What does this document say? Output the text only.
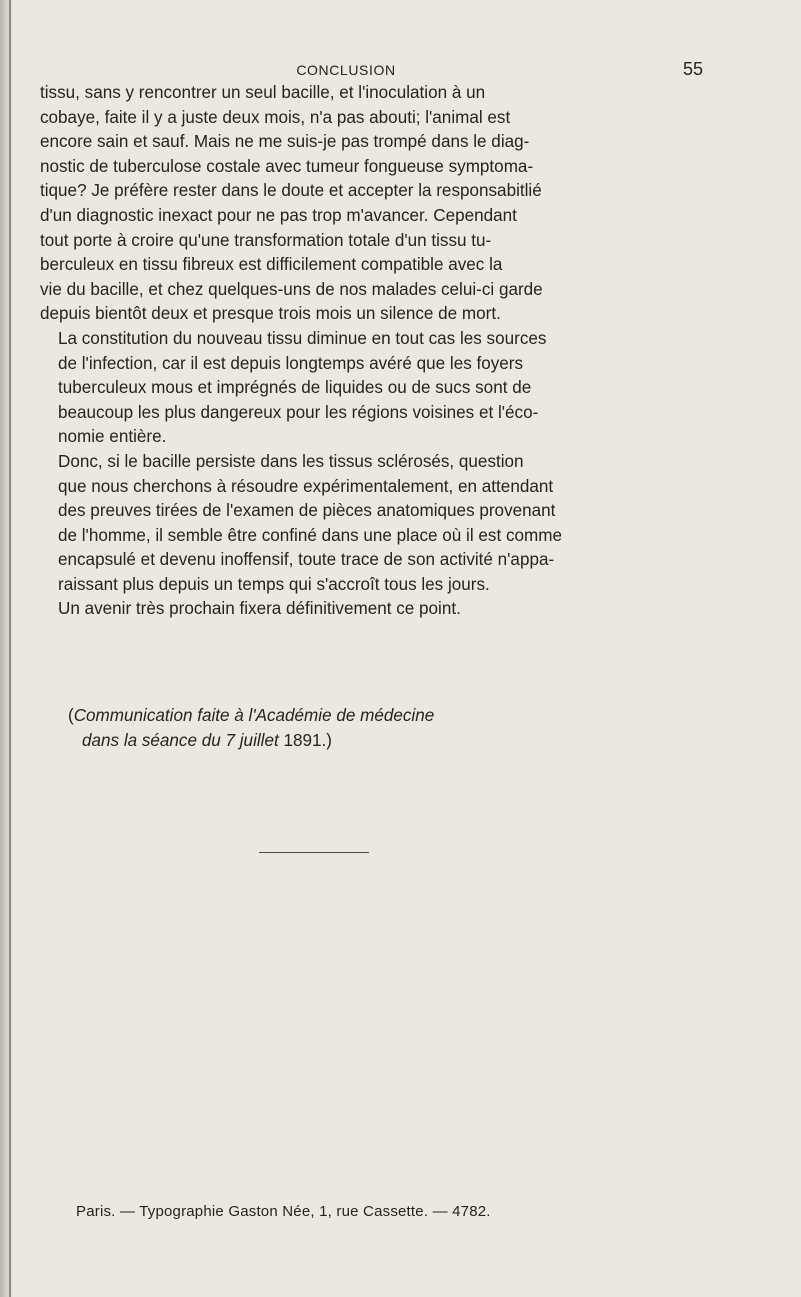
CONCLUSION	55

tissu, sans y rencontrer un seul bacille, et l'inoculation à un
cobaye, faite il y a juste deux mois, n'a pas abouti; l'animal est
encore sain et sauf. Mais ne me suis-je pas trompé dans le diag-
nostic de tuberculose costale avec tumeur fongueuse symptoma-
tique? Je préfère rester dans le doute et accepter la responsabitlié
d'un diagnostic inexact pour ne pas trop m'avancer. Cependant
tout porte à croire qu'une transformation totale d'un tissu tu-
berculeux en tissu fibreux est difficilement compatible avec la
vie du bacille, et chez quelques-uns de nos malades celui-ci garde
depuis bientôt deux et presque trois mois un silence de mort.

La constitution du nouveau tissu diminue en tout cas les sources
de l'infection, car il est depuis longtemps avéré que les foyers
tuberculeux mous et imprégnés de liquides ou de sucs sont de
beaucoup les plus dangereux pour les régions voisines et l'éco-
nomie entière.

Donc, si le bacille persiste dans les tissus sclérosés, question
que nous cherchons à résoudre expérimentalement, en attendant
des preuves tirées de l'examen de pièces anatomiques provenant
de l'homme, il semble être confiné dans une place où il est comme
encapsulé et devenu inoffensif, toute trace de son activité n'appa-
raissant plus depuis un temps qui s'accroît tous les jours.

Un avenir très prochain fixera définitivement ce point.

(Communication faite à l'Académie de médecine
dans la séance du 7 juillet 1891.)
Paris. — Typographie Gaston Née, 1, rue Cassette. — 4782.
